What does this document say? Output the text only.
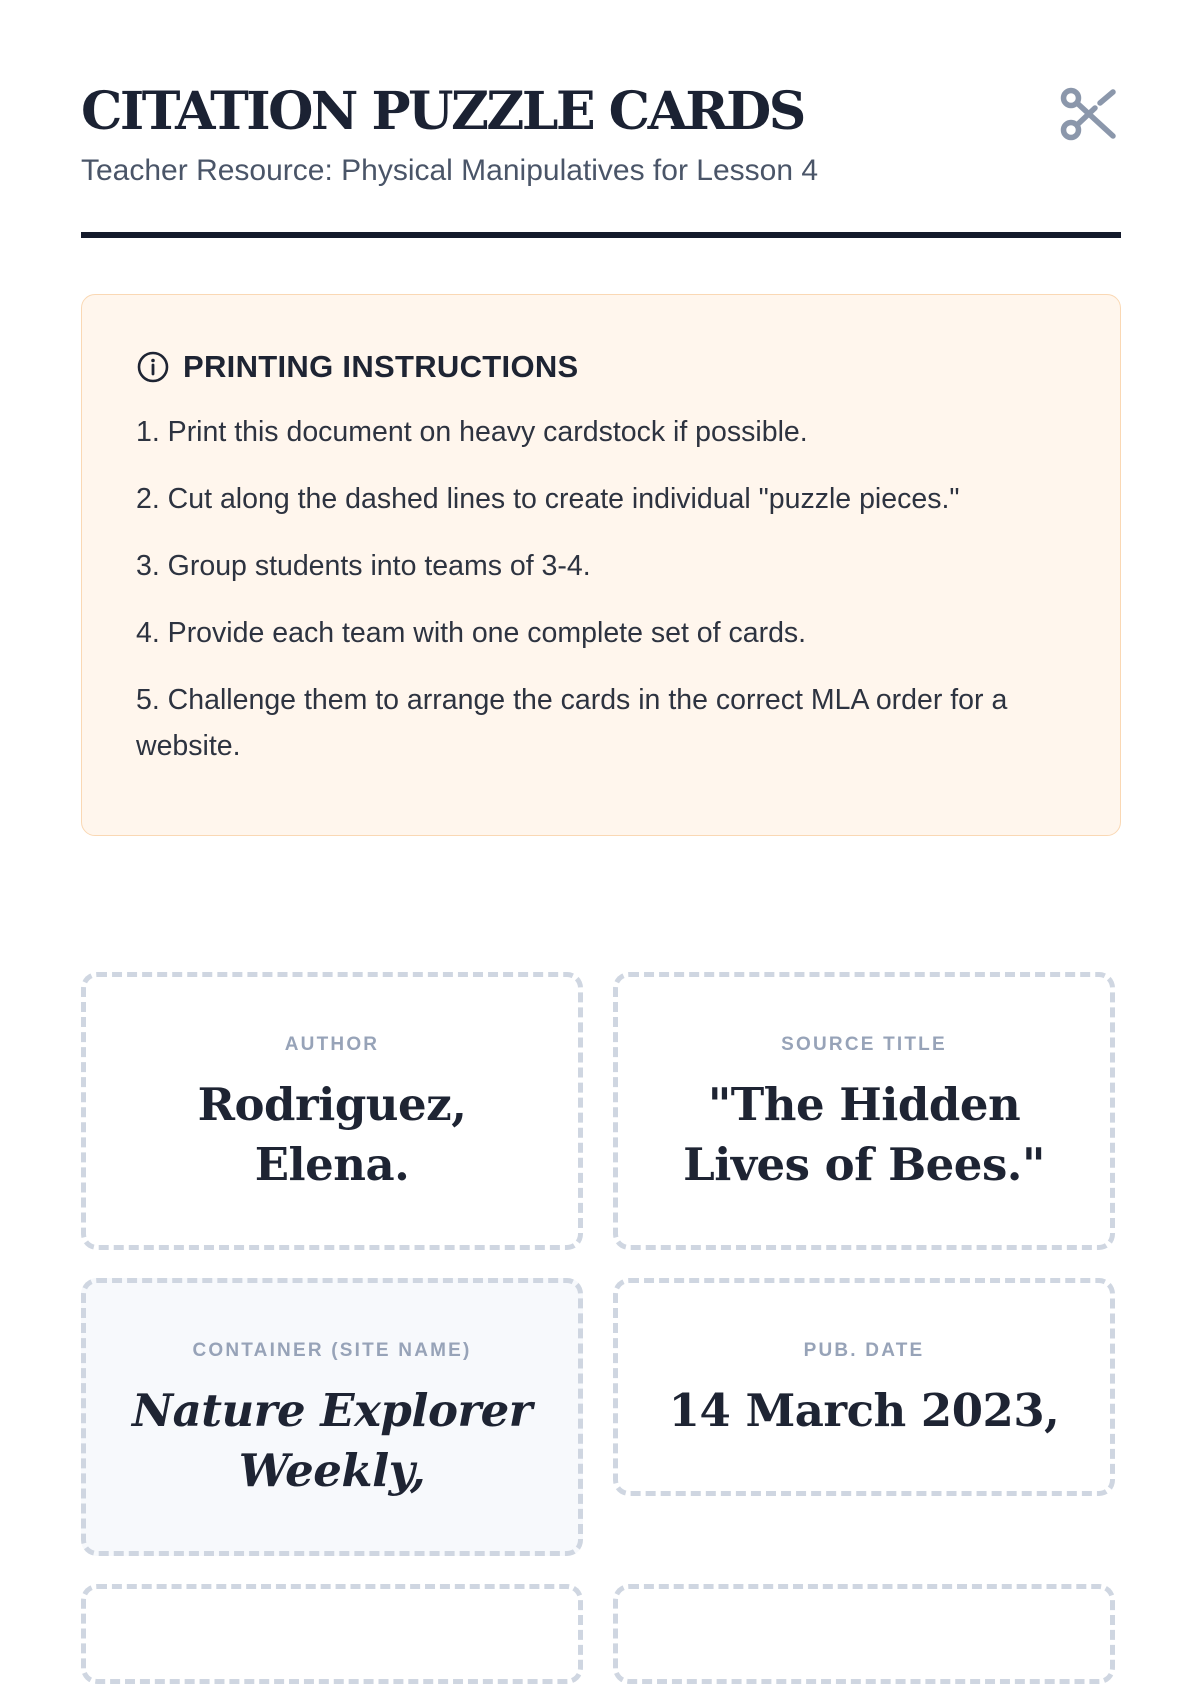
CITATION PUZZLE CARDS
Teacher Resource: Physical Manipulatives for Lesson 4
PRINTING INSTRUCTIONS
1. Print this document on heavy cardstock if possible.
2. Cut along the dashed lines to create individual "puzzle pieces."
3. Group students into teams of 3-4.
4. Provide each team with one complete set of cards.
5. Challenge them to arrange the cards in the correct MLA order for a website.
AUTHOR
Rodriguez, Elena.
SOURCE TITLE
"The Hidden Lives of Bees."
CONTAINER (SITE NAME)
Nature Explorer Weekly,
PUB. DATE
14 March 2023,
